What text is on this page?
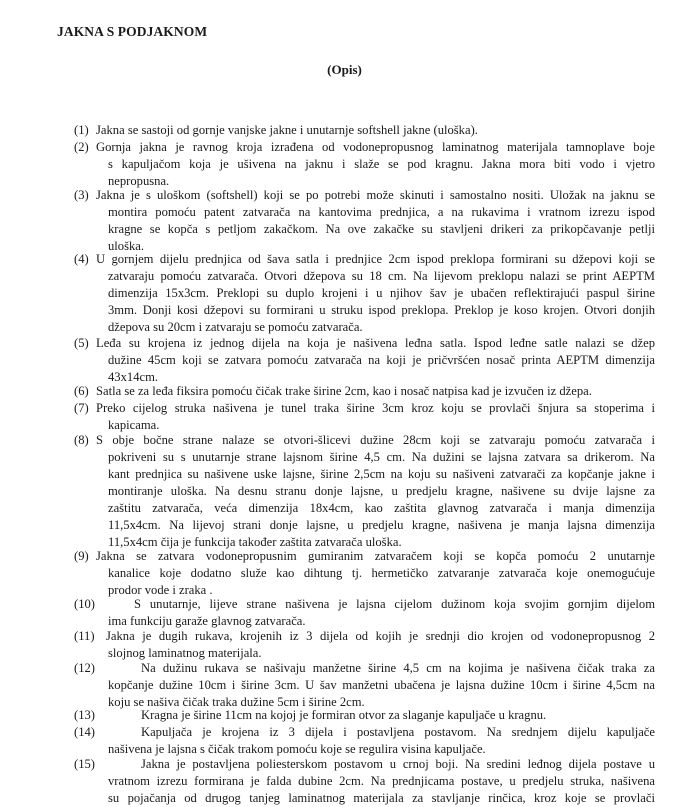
JAKNA S PODJAKNOM
(Opis)
(1) Jakna se sastoji od gornje vanjske jakne i unutarnje softshell jakne (uloška).
(2) Gornja jakna je ravnog kroja izrađena od vodonepropusnog laminatnog materijala tamnoplave boje
s kapuljačom koja je ušivena na jaknu i slaže se pod kragnu. Jakna mora biti vodo i vjetro
nepropusna.
(3) Jakna je s uloškom (softshell) koji se po potrebi može skinuti i samostalno nositi. Uložak na jaknu se
montira pomoću patent zatvarača na kantovima prednjica, a na rukavima i vratnom izrezu ispod
kragne se kopča s petljom zakačkom. Na ove zakačke su stavljeni drikeri za prikopčavanje petlji
uloška.
(4) U gornjem dijelu prednjica od šava satla i prednjice 2cm ispod preklopa formirani su džepovi koji se
zatvaraju pomoću zatvarača. Otvori džepova su 18 cm. Na lijevom preklopu nalazi se print AEPTM
dimenzija 15x3cm. Preklopi su duplo krojeni i u njihov šav je ubačen reflektirajući paspul širine
3mm. Donji kosi džepovi su formirani u struku ispod preklopa. Preklop je koso krojen. Otvori donjih
džepova su 20cm i zatvaraju se pomoću zatvarača.
(5) Leđa su krojena iz jednog dijela na koja je našivena leđna satla. Ispod leđne satle nalazi se džep
dužine 45cm koji se zatvara pomoću zatvarača na koji je pričvršćen nosač printa AEPTM dimenzija
43x14cm.
(6) Satla se za leđa fiksira pomoću čičak trake širine 2cm, kao i nosač natpisa kad je izvučen iz džepa.
(7) Preko cijelog struka našivena je tunel traka širine 3cm kroz koju se provlači šnjura sa stoperima i
kapicama.
(8) S obje bočne strane nalaze se otvori-šlicevi dužine 28cm koji se zatvaraju pomoću zatvarača i
pokriveni su s unutarnje strane lajsnom širine 4,5 cm. Na dužini se lajsna zatvara sa drikerom. Na
kant prednjica su našivene uske lajsne, širine 2,5cm na koju su našiveni zatvarači za kopčanje jakne i
montiranje uloška. Na desnu stranu donje lajsne, u predjelu kragne, našivene su dvije lajsne za
zaštitu zatvarača, veća dimenzija 18x4cm, kao zaštita glavnog zatvarača i manja dimenzija
11,5x4cm. Na lijevoj strani donje lajsne, u predjelu kragne, našivena je manja lajsna dimenzija
11,5x4cm čija je funkcija također zaštita zatvarača uloška.
(9) Jakna se zatvara vodonepropusnim gumiranim zatvaračem koji se kopča pomoću 2 unutarnje
kanalice koje dodatno služe kao dihtung tj. hermetičko zatvaranje zatvarača koje onemogućuje
prodor vode i zraka .
(10)	S unutarnje, lijeve strane našivena je lajsna cijelom dužinom koja svojim gornjim dijelom
ima funkciju garaže glavnog zatvarača.
(11) Jakna je dugih rukava, krojenih iz 3 dijela od kojih je srednji dio krojen od vodonepropusnog 2
slojnog laminatnog materijala.
(12)	Na dužinu rukava se našivaju manžetne širine 4,5 cm na kojima je našivena čičak traka za
kopčanje dužine 10cm i širine 3cm. U šav manžetni ubačena je lajsna dužine 10cm i širine 4,5cm na
koju se našiva čičak traka dužine 5cm i širine 2cm.
(13)	Kragna je širine 11cm na kojoj je formiran otvor za slaganje kapuljače u kragnu.
(14)	Kapuljača je krojena iz 3 dijela i postavljena postavom. Na srednjem dijelu kapuljače
našivena je lajsna s čičak trakom pomoću koje se regulira visina kapuljače.
(15)	Jakna je postavljena poliesterskom postavom u crnoj boji. Na sredini leđnog dijela postave u
vratnom izrezu formirana je falda dubine 2cm. Na prednjicama postave, u predjelu struka, našivena
su pojačanja od drugog tanjeg laminatnog materijala za stavljanje rinčica, kroz koje se provlači
